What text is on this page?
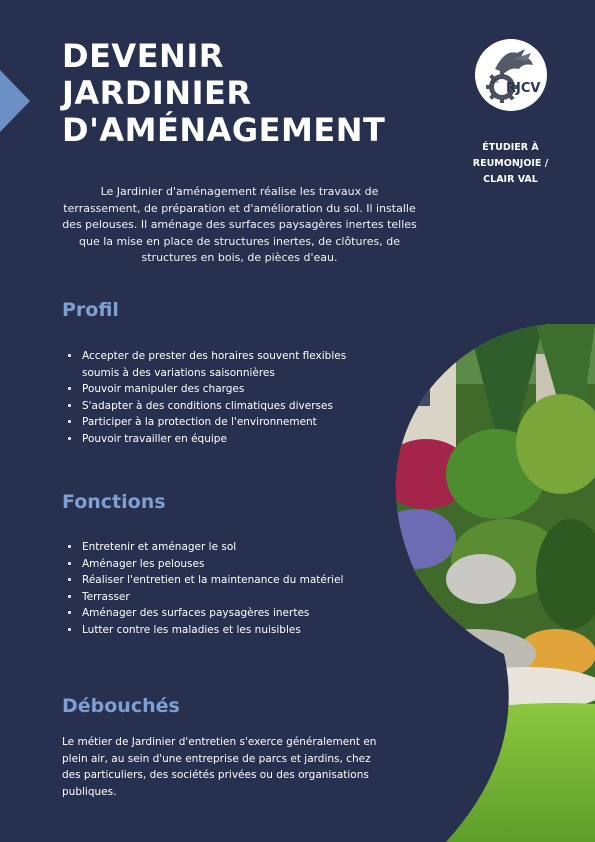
DEVENIR
JARDINIER
D'AMÉNAGEMENT
RJCV
ETS
ÉTUDIER À
REUMONJOIE /
CLAIR VAL

Le Jardinier d'aménagement réalise les travaux de terrassement, de préparation et d'amélioration du sol. Il installe des pelouses. Il aménage des surfaces paysagères inertes telles que la mise en place de structures inertes, de clôtures, de structures en bois, de pièces d'eau.

Profil
• Accepter de prester des horaires souvent flexibles soumis à des variations saisonnières
• Pouvoir manipuler des charges
• S'adapter à des conditions climatiques diverses
• Participer à la protection de l'environnement
• Pouvoir travailler en équipe
Fonctions
• Entretenir et aménager le sol
• Aménager les pelouses
• Réaliser l'entretien et la maintenance du matériel
• Terrasser
• Aménager des surfaces paysagères inertes
• Lutter contre les maladies et les nuisibles
Débouchés

Le métier de Jardinier d'entretien s'exerce généralement en plein air, au sein d'une entreprise de parcs et jardins, chez des particuliers, des sociétés privées ou des organisations publiques.
